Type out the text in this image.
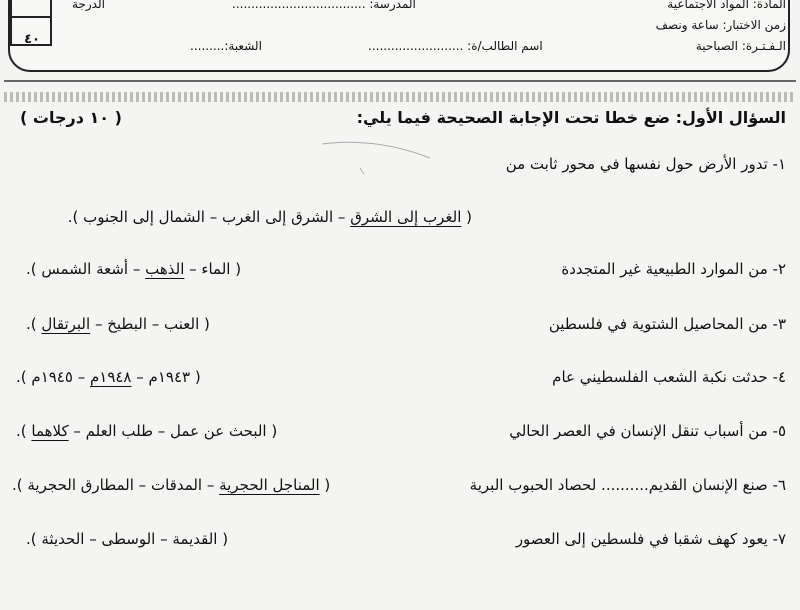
٤٠
الدرجة	المادة: المواد الاجتماعية
زمن الاختبار: ساعة ونصف
الـفـتـرة: الصباحية
المدرسة: ...................................
اسم الطالب/ة: .........................
الشعبة:.........
السؤال الأول: ضع خطا تحت الإجابة الصحيحة فيما يلي:
( ١٠ درجات )
١- تدور الأرض حول نفسها في محور ثابت من
( الغرب إلى الشرق – الشرق إلى الغرب – الشمال إلى الجنوب ).
٢- من الموارد الطبيعية غير المتجددة
( الماء – الذهب – أشعة الشمس ).
٣- من المحاصيل الشتوية في فلسطين
( العنب – البطيخ – البرتقال ).
٤- حدثت نكبة الشعب الفلسطيني عام
( ١٩٤٣م – ١٩٤٨م – ١٩٤٥م ).
٥- من أسباب تنقل الإنسان في العصر الحالي
( البحث عن عمل – طلب العلم – كلاهما ).
٦- صنع الإنسان القديم.......... لحصاد الحبوب البرية
( المناجل الحجرية – المدقات – المطارق الحجرية ).
٧- يعود كهف شقبا في فلسطين إلى العصور
( القديمة – الوسطى – الحديثة ).
